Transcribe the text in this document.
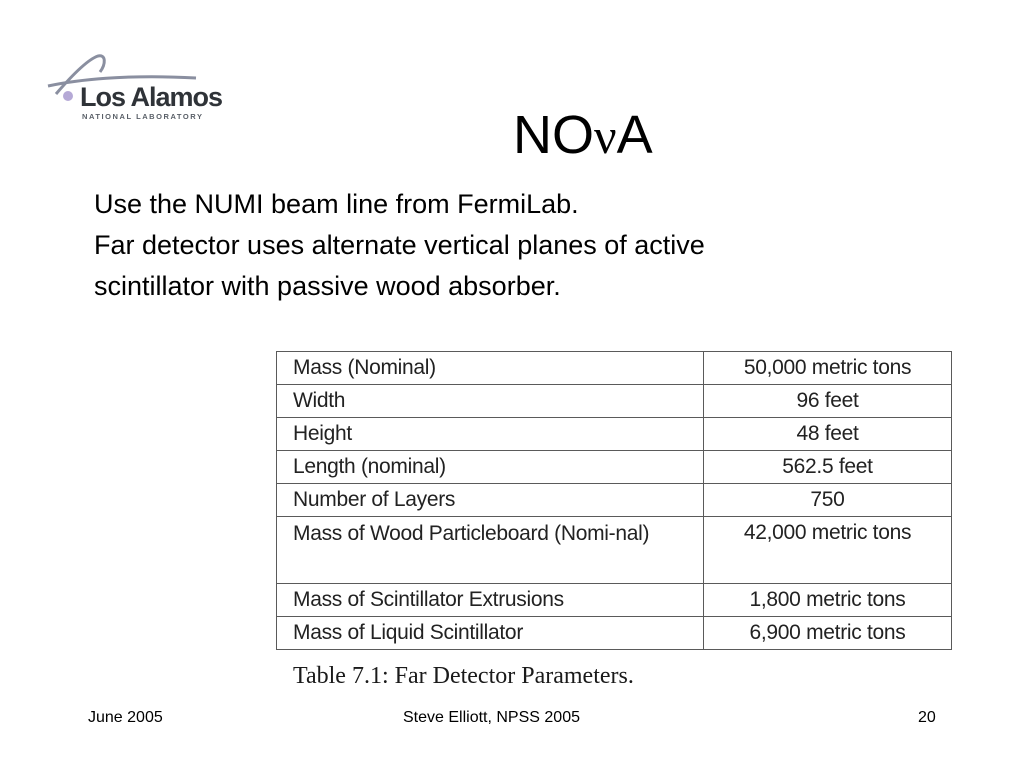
Los Alamos
NATIONAL LABORATORY	NOνA
Use the NUMI beam line from FermiLab.
Far detector uses alternate vertical planes of active
scintillator with passive wood absorber.
Mass (Nominal)	50,000 metric tons
Width	96 feet
Height	48 feet
Length (nominal)	562.5 feet
Number of Layers	750
Mass of Wood Particleboard (Nomi-nal)	42,000 metric tons
Mass of Scintillator Extrusions	1,800 metric tons
Mass of Liquid Scintillator	6,900 metric tons
Table 7.1: Far Detector Parameters.
June 2005	Steve Elliott, NPSS 2005	20
